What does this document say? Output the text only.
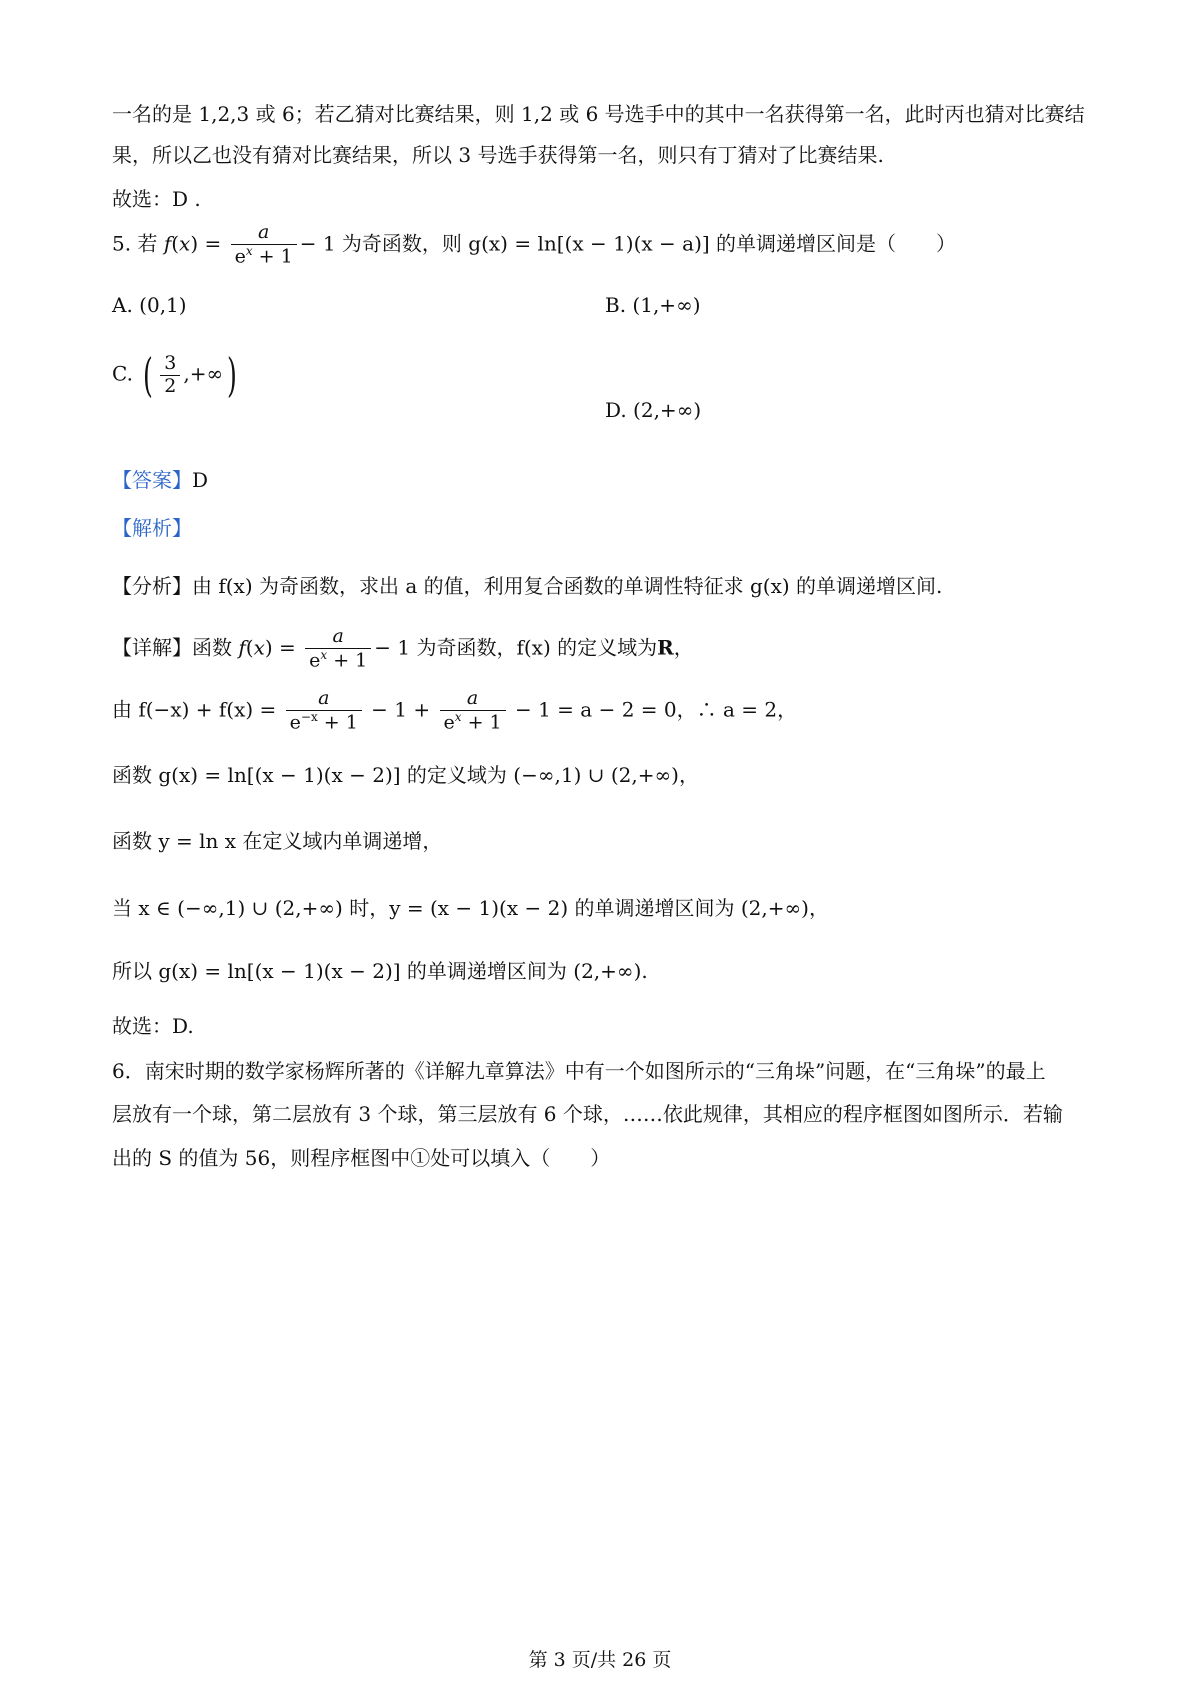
一名的是 1,2,3 或 6；若乙猜对比赛结果，则 1,2 或 6 号选手中的其中一名获得第一名，此时丙也猜对比赛结
果，所以乙也没有猜对比赛结果，所以 3 号选手获得第一名，则只有丁猜对了比赛结果.
故选：D .
5. 若 $f(x) = \frac{a}{e^x + 1} - 1$ 为奇函数，则 g(x) = ln[(x − 1)(x − a)] 的单调递增区间是（　　）
A. (0,1)	B. (1,+∞)
C. ( $\frac{3}{2}$ ,+∞)
D. (2,+∞)
【答案】D
【解析】
【分析】由 f(x) 为奇函数，求出 a 的值，利用复合函数的单调性特征求 g(x) 的单调递增区间.
【详解】函数 $f(x) = \frac{a}{e^x + 1} - 1$ 为奇函数，f(x) 的定义域为R，
由 $f(-x) + f(x) = \frac{a}{e^{-x} + 1} - 1 + \frac{a}{e^x + 1} - 1 = a - 2 = 0$，∴ a = 2，
函数 g(x) = ln[(x − 1)(x − 2)] 的定义域为 (−∞,1) ∪ (2,+∞)，
函数 y = ln x 在定义域内单调递增，
当 x ∈ (−∞,1) ∪ (2,+∞) 时，y = (x − 1)(x − 2) 的单调递增区间为 (2,+∞)，
所以 g(x) = ln[(x − 1)(x − 2)] 的单调递增区间为 (2,+∞).
故选：D.
6．南宋时期的数学家杨辉所著的《详解九章算法》中有一个如图所示的“三角垛”问题，在“三角垛”的最上
层放有一个球，第二层放有 3 个球，第三层放有 6 个球，……依此规律，其相应的程序框图如图所示．若输
出的 S 的值为 56，则程序框图中①处可以填入（　　）
第 3 页/共 26 页
